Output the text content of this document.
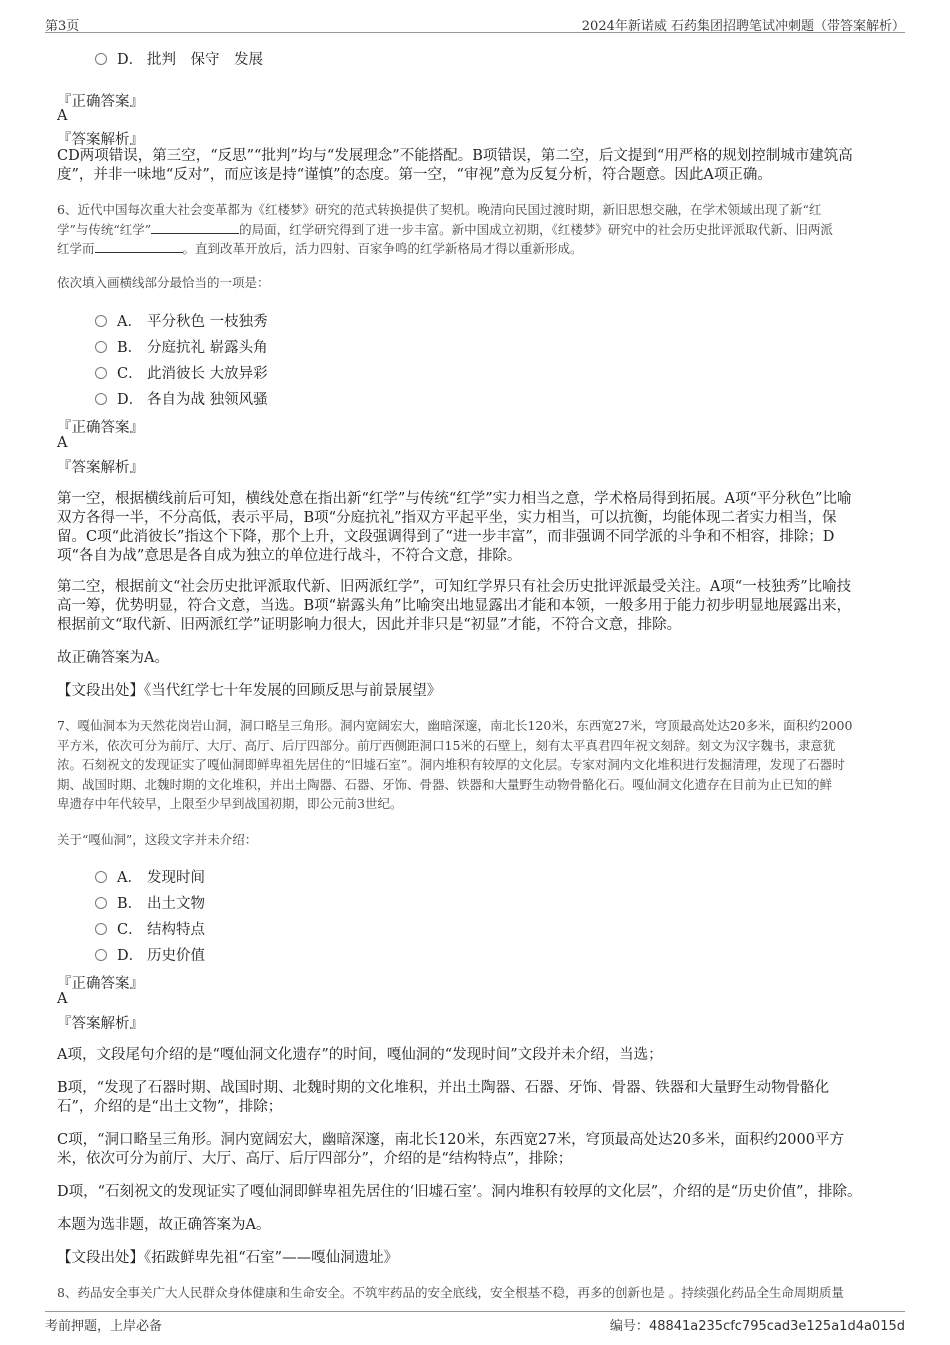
第3页	2024年新诺威 石药集团招聘笔试冲刺题（带答案解析）
D． 批判　保守　发展
『正确答案』
A
『答案解析』
CD两项错误，第三空，“反思”“批判”均与“发展理念”不能搭配。B项错误，第二空，后文提到“用严格的规划控制城市建筑高
度”，并非一味地“反对”，而应该是持“谨慎”的态度。第一空，“审视”意为反复分析，符合题意。因此A项正确。
6、近代中国每次重大社会变革都为《红楼梦》研究的范式转换提供了契机。晚清向民国过渡时期，新旧思想交融，在学术领域出现了新“红
学”与传统“红学”	的局面，红学研究得到了进一步丰富。新中国成立初期，《红楼梦》研究中的社会历史批评派取代新、旧两派
红学而	。直到改革开放后，活力四射、百家争鸣的红学新格局才得以重新形成。
依次填入画横线部分最恰当的一项是：
A． 平分秋色 一枝独秀
B． 分庭抗礼 崭露头角
C． 此消彼长 大放异彩
D． 各自为战 独领风骚
『正确答案』
A
『答案解析』
第一空，根据横线前后可知，横线处意在指出新“红学”与传统“红学”实力相当之意，学术格局得到拓展。A项“平分秋色”比喻
双方各得一半，不分高低，表示平局，B项“分庭抗礼”指双方平起平坐，实力相当，可以抗衡，均能体现二者实力相当，保
留。C项“此消彼长”指这个下降，那个上升，文段强调得到了“进一步丰富”，而非强调不同学派的斗争和不相容，排除；D
项“各自为战”意思是各自成为独立的单位进行战斗，不符合文意，排除。
第二空，根据前文“社会历史批评派取代新、旧两派红学”，可知红学界只有社会历史批评派最受关注。A项“一枝独秀”比喻技
高一筹，优势明显，符合文意，当选。B项“崭露头角”比喻突出地显露出才能和本领，一般多用于能力初步明显地展露出来，
根据前文“取代新、旧两派红学”证明影响力很大，因此并非只是“初显”才能，不符合文意，排除。
故正确答案为A。
【文段出处】《当代红学七十年发展的回顾反思与前景展望》
7、嘎仙洞本为天然花岗岩山洞，洞口略呈三角形。洞内宽阔宏大，幽暗深邃，南北长120米，东西宽27米，穹顶最高处达20多米，面积约2000
平方米，依次可分为前厅、大厅、高厅、后厅四部分。前厅西侧距洞口15米的石壁上，刻有太平真君四年祝文刻辞。刻文为汉字魏书，隶意犹
浓。石刻祝文的发现证实了嘎仙洞即鲜卑祖先居住的“旧墟石室”。洞内堆积有较厚的文化层。专家对洞内文化堆积进行发掘清理，发现了石器时
期、战国时期、北魏时期的文化堆积，并出土陶器、石器、牙饰、骨器、铁器和大量野生动物骨骼化石。嘎仙洞文化遗存在目前为止已知的鲜
卑遗存中年代较早，上限至少早到战国初期，即公元前3世纪。
关于“嘎仙洞”，这段文字并未介绍：
A． 发现时间
B． 出土文物
C． 结构特点
D． 历史价值
『正确答案』
A
『答案解析』
A项，文段尾句介绍的是“嘎仙洞文化遗存”的时间，嘎仙洞的“发现时间”文段并未介绍，当选；
B项，“发现了石器时期、战国时期、北魏时期的文化堆积，并出土陶器、石器、牙饰、骨器、铁器和大量野生动物骨骼化
石”，介绍的是“出土文物”，排除；
C项，“洞口略呈三角形。洞内宽阔宏大，幽暗深邃，南北长120米，东西宽27米，穹顶最高处达20多米，面积约2000平方
米，依次可分为前厅、大厅、高厅、后厅四部分”，介绍的是“结构特点”，排除；
D项，“石刻祝文的发现证实了嘎仙洞即鲜卑祖先居住的‘旧墟石室’。洞内堆积有较厚的文化层”，介绍的是“历史价值”，排除。
本题为选非题，故正确答案为A。
【文段出处】《拓跋鲜卑先祖“石室”——嘎仙洞遗址》
8、药品安全事关广大人民群众身体健康和生命安全。不筑牢药品的安全底线，安全根基不稳，再多的创新也是 。持续强化药品全生命周期质量
考前押题，上岸必备	编号：48841a235cfc795cad3e125a1d4a015d
